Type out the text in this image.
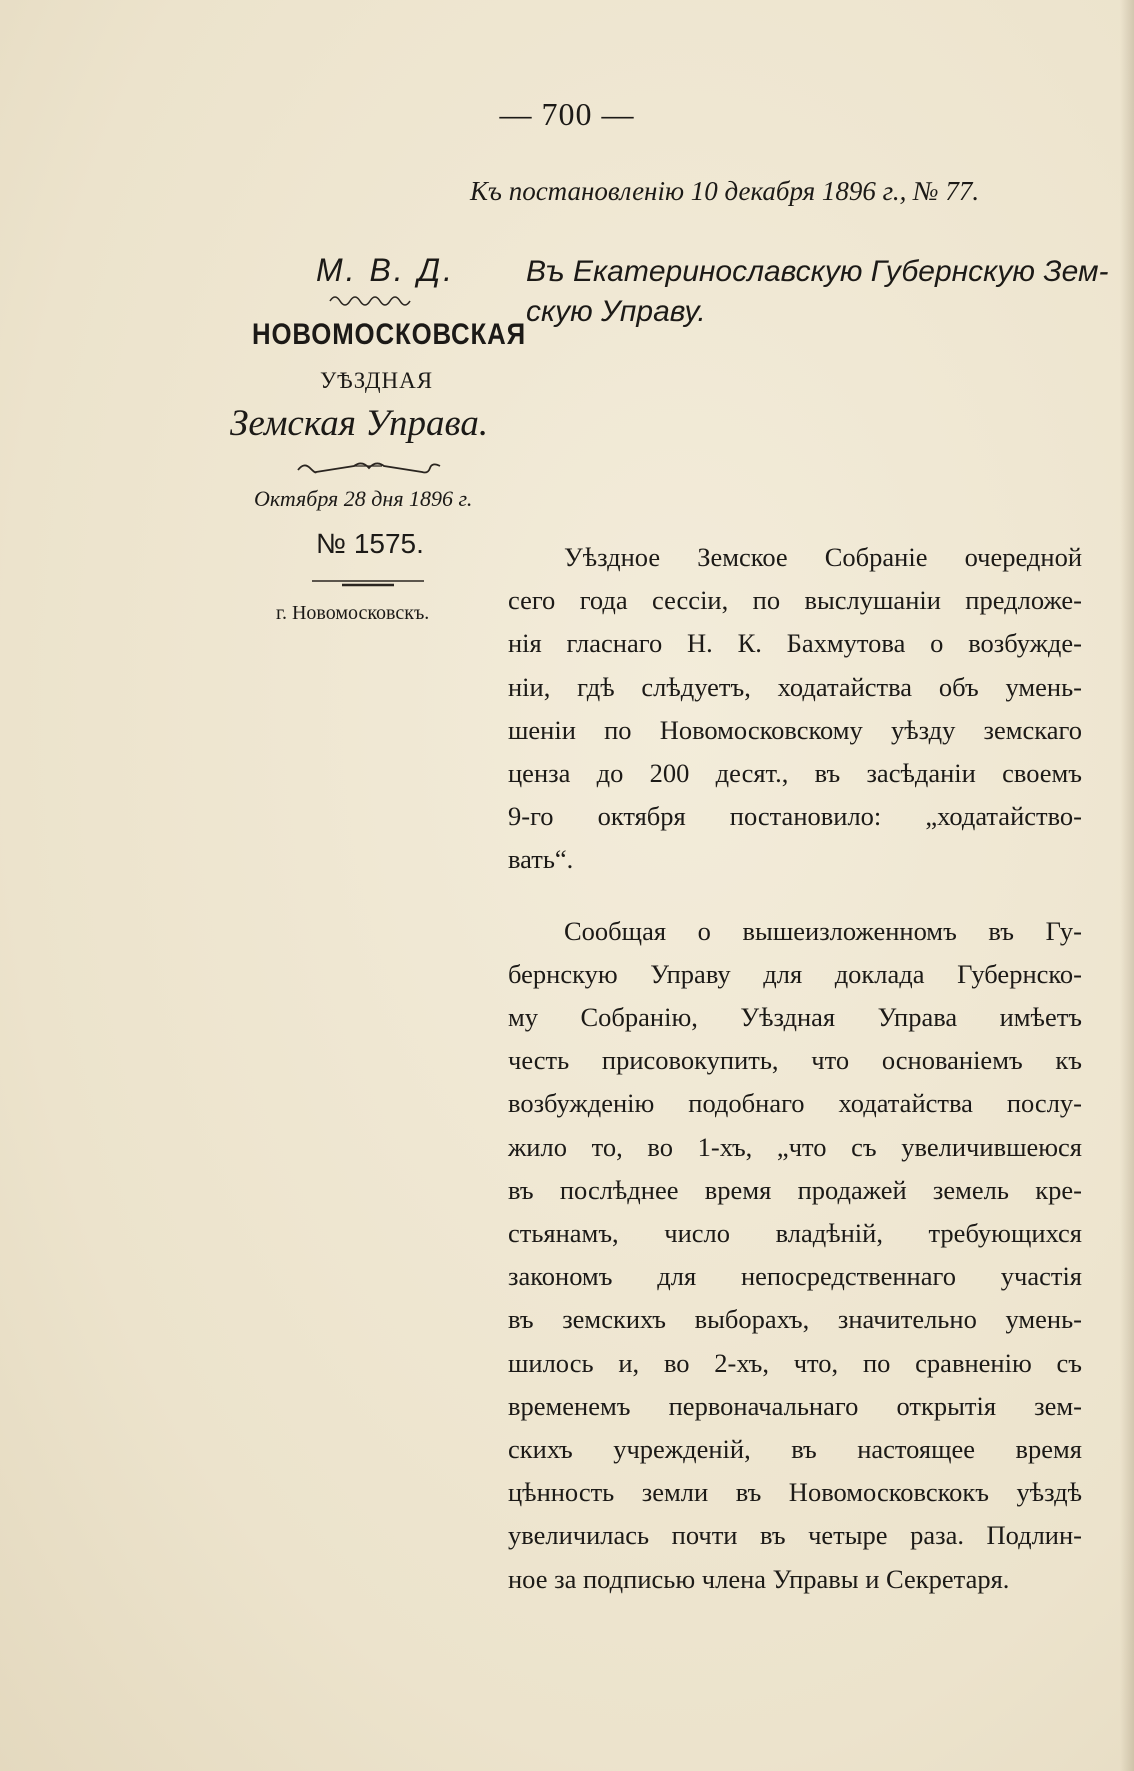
— 700 —
Къ постановленію 10 декабря 1896 г., № 77.
М. В. Д.
НОВОМОСКОВСКАЯ
УѢЗДНАЯ
Земская Управа.
Октября 28 дня 1896 г.
№ 1575.
г. Новомосковскъ.
Въ Екатеринославскую Губернскую Зем-
скую Управу.

Уѣздное Земское Собраніе очередной
сего года сессіи, по выслушаніи предложе-
нія гласнаго Н. К. Бахмутова о возбужде-
ніи, гдѣ слѣдуетъ, ходатайства объ умень-
шеніи по Новомосковскому уѣзду земскаго
ценза до 200 десят., въ засѣданіи своемъ
9-го октября постановило: „ходатайство-
вать“.

Сообщая о вышеизложенномъ въ Гу-
бернскую Управу для доклада Губернско-
му Собранію, Уѣздная Управа имѣетъ
честь присовокупить, что основаніемъ къ
возбужденію подобнаго ходатайства послу-
жило то, во 1-хъ, „что съ увеличившеюся
въ послѣднее время продажей земель кре-
стьянамъ, число владѣній, требующихся
закономъ для непосредственнаго участія
въ земскихъ выборахъ, значительно умень-
шилось и, во 2-хъ, что, по сравненію съ
временемъ первоначальнаго открытія зем-
скихъ учрежденій, въ настоящее время
цѣнность земли въ Новомосковскокъ уѣздѣ
увеличилась почти въ четыре раза. Подлин-
ное за подписью члена Управы и Секретаря.
